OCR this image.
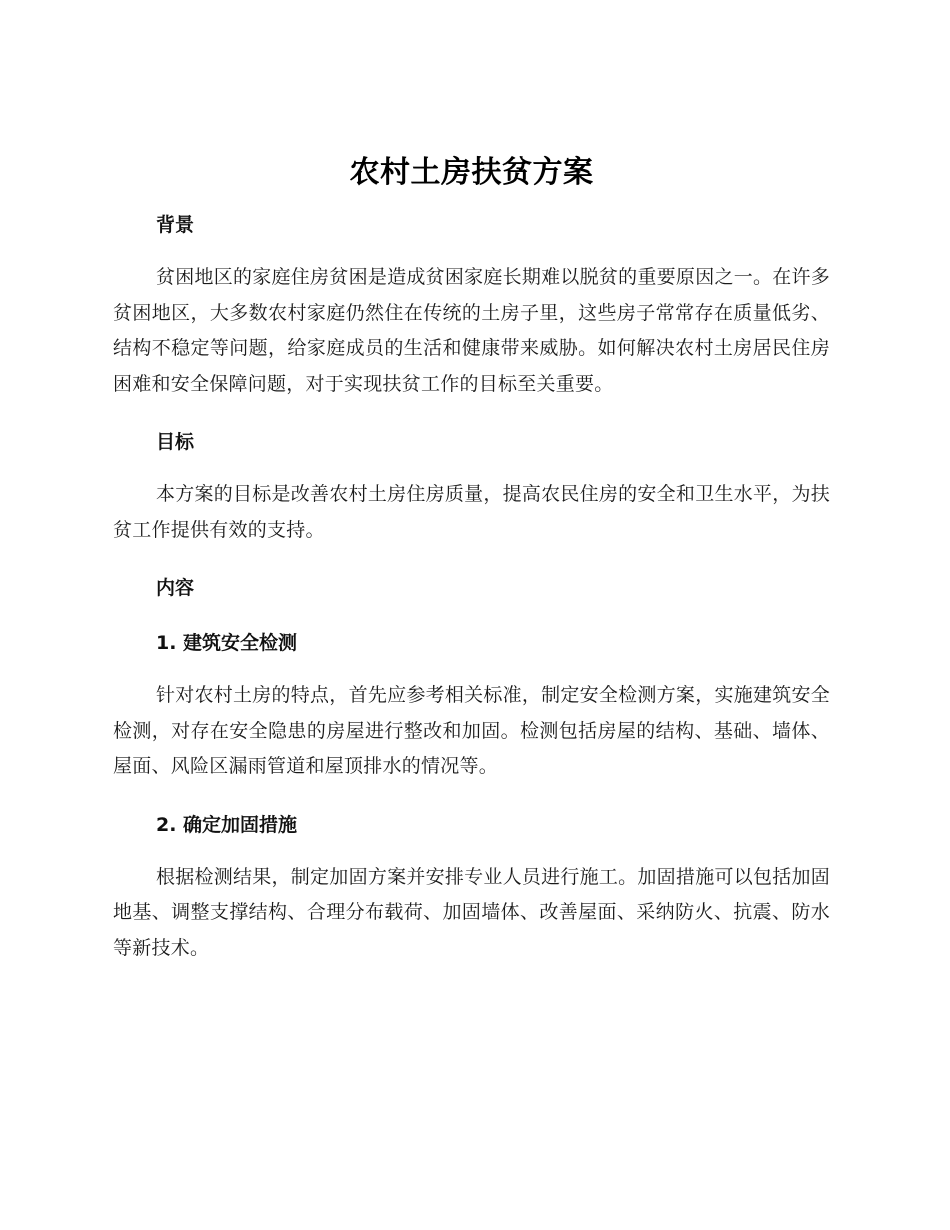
农村土房扶贫方案
背景

贫困地区的家庭住房贫困是造成贫困家庭长期难以脱贫的重要原因之一。在许多贫困地区，大多数农村家庭仍然住在传统的土房子里，这些房子常常存在质量低劣、结构不稳定等问题，给家庭成员的生活和健康带来威胁。如何解决农村土房居民住房困难和安全保障问题，对于实现扶贫工作的目标至关重要。

目标

本方案的目标是改善农村土房住房质量，提高农民住房的安全和卫生水平，为扶贫工作提供有效的支持。

内容
1. 建筑安全检测

针对农村土房的特点，首先应参考相关标准，制定安全检测方案，实施建筑安全检测，对存在安全隐患的房屋进行整改和加固。检测包括房屋的结构、基础、墙体、屋面、风险区漏雨管道和屋顶排水的情况等。

2. 确定加固措施

根据检测结果，制定加固方案并安排专业人员进行施工。加固措施可以包括加固地基、调整支撑结构、合理分布载荷、加固墙体、改善屋面、采纳防火、抗震、防水等新技术。
